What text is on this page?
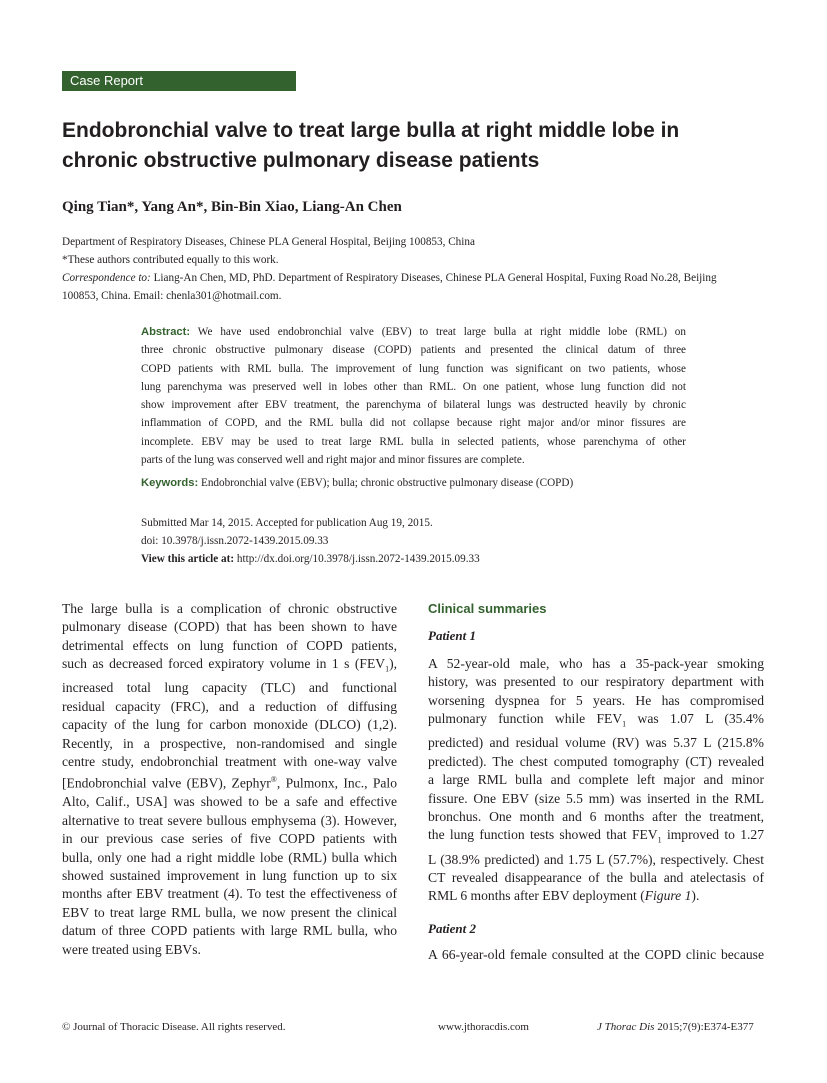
Case Report
Endobronchial valve to treat large bulla at right middle lobe in
chronic obstructive pulmonary disease patients
Qing Tian*, Yang An*, Bin-Bin Xiao, Liang-An Chen
Department of Respiratory Diseases, Chinese PLA General Hospital, Beijing 100853, China
*These authors contributed equally to this work.
Correspondence to: Liang-An Chen, MD, PhD. Department of Respiratory Diseases, Chinese PLA General Hospital, Fuxing Road No.28, Beijing
100853, China. Email: chenla301@hotmail.com.
Abstract: We have used endobronchial valve (EBV) to treat large bulla at right middle lobe (RML) on
three chronic obstructive pulmonary disease (COPD) patients and presented the clinical datum of three
COPD patients with RML bulla. The improvement of lung function was significant on two patients, whose
lung parenchyma was preserved well in lobes other than RML. On one patient, whose lung function did not
show improvement after EBV treatment, the parenchyma of bilateral lungs was destructed heavily by chronic
inflammation of COPD, and the RML bulla did not collapse because right major and/or minor fissures are
incomplete. EBV may be used to treat large RML bulla in selected patients, whose parenchyma of other
parts of the lung was conserved well and right major and minor fissures are complete.
Keywords: Endobronchial valve (EBV); bulla; chronic obstructive pulmonary disease (COPD)
Submitted Mar 14, 2015. Accepted for publication Aug 19, 2015.
doi: 10.3978/j.issn.2072-1439.2015.09.33
View this article at: http://dx.doi.org/10.3978/j.issn.2072-1439.2015.09.33
The large bulla is a complication of chronic obstructive
pulmonary disease (COPD) that has been shown to have
detrimental effects on lung function of COPD patients,
such as decreased forced expiratory volume in 1 s $(FEV_1)$,
increased total lung capacity (TLC) and functional
residual capacity (FRC), and a reduction of diffusing
capacity of the lung for carbon monoxide (DLCO) (1,2).
Recently, in a prospective, non-randomised and single
centre study, endobronchial treatment with one-way valve
[Endobronchial valve (EBV), Zephyr®, Pulmonx, Inc., Palo
Alto, Calif., USA] was showed to be a safe and effective
alternative to treat severe bullous emphysema (3). However,
in our previous case series of five COPD patients with
bulla, only one had a right middle lobe (RML) bulla which
showed sustained improvement in lung function up to six
months after EBV treatment (4). To test the effectiveness of
EBV to treat large RML bulla, we now present the clinical
datum of three COPD patients with large RML bulla, who
were treated using EBVs.
Clinical summaries
Patient 1
A 52-year-old male, who has a 35-pack-year smoking
history, was presented to our respiratory department with
worsening dyspnea for 5 years. He has compromised
pulmonary function while $FEV_1$ was 1.07 L (35.4%
predicted) and residual volume (RV) was 5.37 L (215.8%
predicted). The chest computed tomography (CT) revealed
a large RML bulla and complete left major and minor
fissure. One EBV (size 5.5 mm) was inserted in the RML
bronchus. One month and 6 months after the treatment,
the lung function tests showed that $FEV_1$ improved to 1.27
L (38.9% predicted) and 1.75 L (57.7%), respectively. Chest
CT revealed disappearance of the bulla and atelectasis of
RML 6 months after EBV deployment (Figure 1).
Patient 2
A 66-year-old female consulted at the COPD clinic because
© Journal of Thoracic Disease. All rights reserved.	www.jthoracdis.com	J Thorac Dis 2015;7(9):E374-E377
